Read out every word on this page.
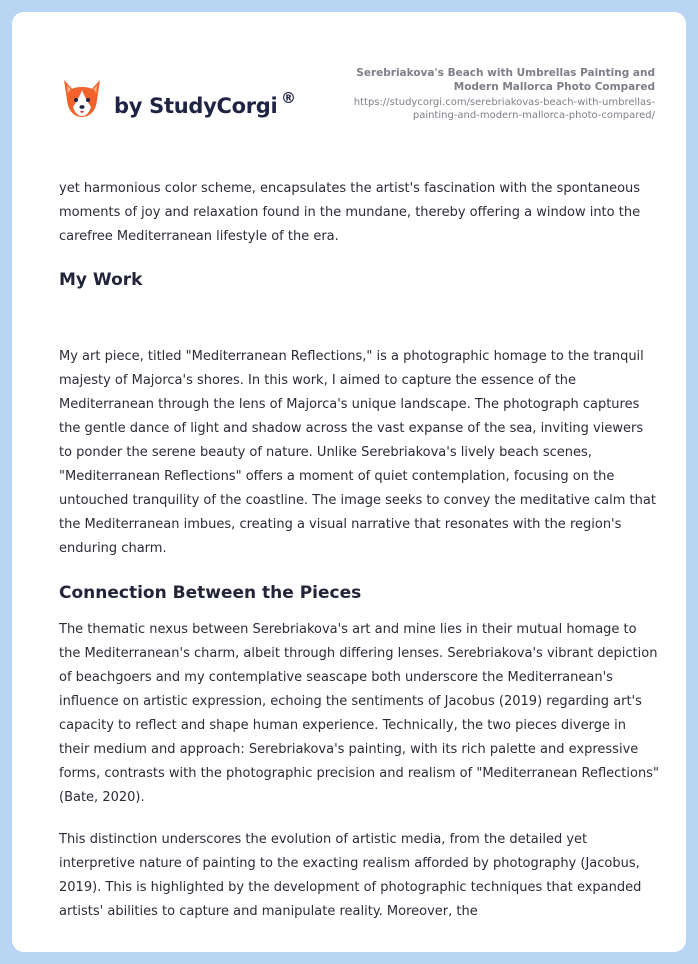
by StudyCorgi ®
Serebriakova's Beach with Umbrellas Painting and Modern Mallorca Photo Compared
https://studycorgi.com/serebriakovas-beach-with-umbrellas-painting-and-modern-mallorca-photo-compared/

yet harmonious color scheme, encapsulates the artist's fascination with the spontaneous moments of joy and relaxation found in the mundane, thereby offering a window into the carefree Mediterranean lifestyle of the era.

My Work

My art piece, titled "Mediterranean Reflections," is a photographic homage to the tranquil majesty of Majorca's shores. In this work, I aimed to capture the essence of the Mediterranean through the lens of Majorca's unique landscape. The photograph captures the gentle dance of light and shadow across the vast expanse of the sea, inviting viewers to ponder the serene beauty of nature. Unlike Serebriakova's lively beach scenes, "Mediterranean Reflections" offers a moment of quiet contemplation, focusing on the untouched tranquility of the coastline. The image seeks to convey the meditative calm that the Mediterranean imbues, creating a visual narrative that resonates with the region's enduring charm.

Connection Between the Pieces

The thematic nexus between Serebriakova's art and mine lies in their mutual homage to the Mediterranean's charm, albeit through differing lenses. Serebriakova's vibrant depiction of beachgoers and my contemplative seascape both underscore the Mediterranean's influence on artistic expression, echoing the sentiments of Jacobus (2019) regarding art's capacity to reflect and shape human experience. Technically, the two pieces diverge in their medium and approach: Serebriakova's painting, with its rich palette and expressive forms, contrasts with the photographic precision and realism of "Mediterranean Reflections" (Bate, 2020).

This distinction underscores the evolution of artistic media, from the detailed yet interpretive nature of painting to the exacting realism afforded by photography (Jacobus, 2019). This is highlighted by the development of photographic techniques that expanded artists' abilities to capture and manipulate reality. Moreover, the
